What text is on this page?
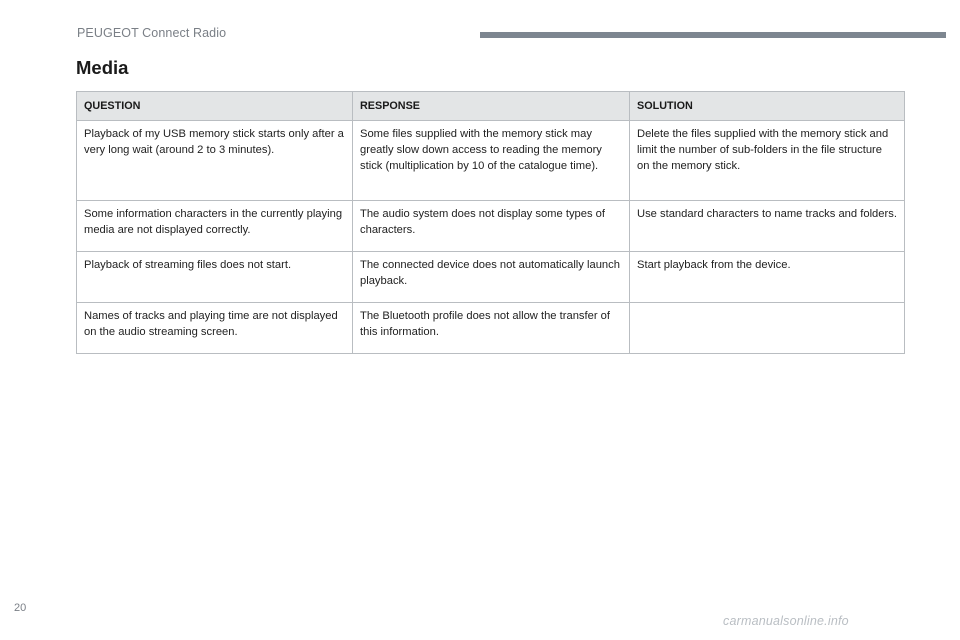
PEUGEOT Connect Radio
Media
QUESTION	RESPONSE	SOLUTION
Playback of my USB memory stick starts only after a very long wait (around 2 to 3 minutes).	Some files supplied with the memory stick may greatly slow down access to reading the memory stick (multiplication by 10 of the catalogue time).	Delete the files supplied with the memory stick and limit the number of sub-folders in the file structure on the memory stick.
Some information characters in the currently playing media are not displayed correctly.	The audio system does not display some types of characters.	Use standard characters to name tracks and folders.
Playback of streaming files does not start.	The connected device does not automatically launch playback.	Start playback from the device.
Names of tracks and playing time are not displayed on the audio streaming screen.	The Bluetooth profile does not allow the transfer of this information.	
20
carmanualsonline.info
